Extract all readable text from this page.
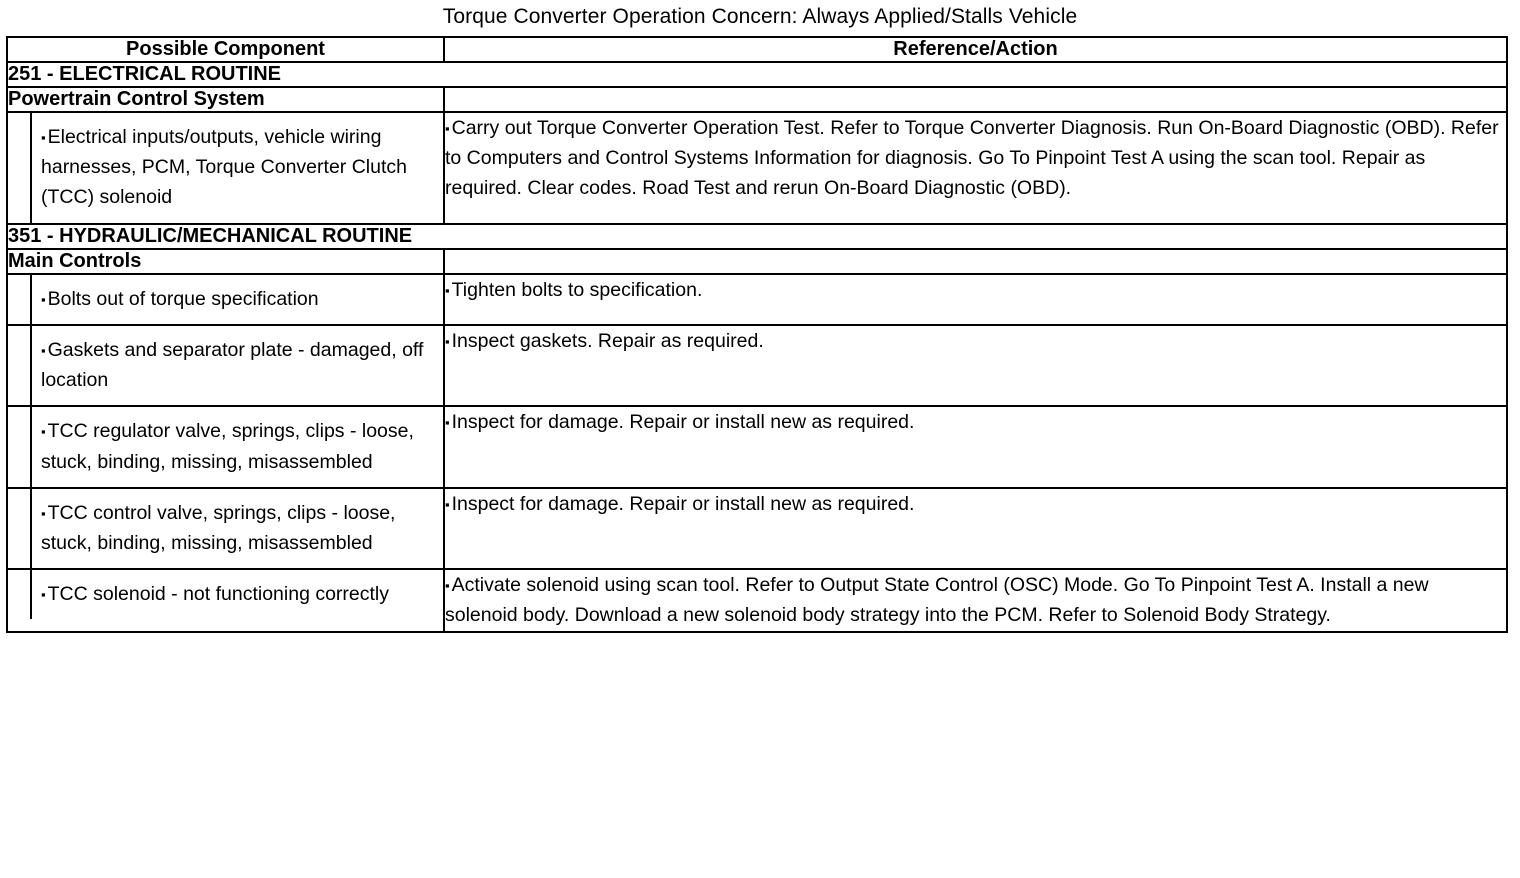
Torque Converter Operation Concern: Always Applied/Stalls Vehicle
Possible Component	Reference/Action
251 - ELECTRICAL ROUTINE	
Powertrain Control System	

▪ Electrical inputs/outputs, vehicle wiring harnesses, PCM, Torque Converter Clutch (TCC) solenoid	▪ Carry out Torque Converter Operation Test. Refer to Torque Converter Diagnosis. Run On-Board Diagnostic (OBD). Refer to Computers and Control Systems Information for diagnosis. Go To Pinpoint Test A using the scan tool. Repair as required. Clear codes. Road Test and rerun On-Board Diagnostic (OBD).
351 - HYDRAULIC/MECHANICAL ROUTINE	
Main Controls	

▪ Bolts out of torque specification	▪ Tighten bolts to specification.

▪ Gaskets and separator plate - damaged, off location	▪ Inspect gaskets. Repair as required.

▪ TCC regulator valve, springs, clips - loose, stuck, binding, missing, misassembled	▪ Inspect for damage. Repair or install new as required.

▪ TCC control valve, springs, clips - loose, stuck, binding, missing, misassembled	▪ Inspect for damage. Repair or install new as required.

▪ TCC solenoid - not functioning correctly	▪ Activate solenoid using scan tool. Refer to Output State Control (OSC) Mode. Go To Pinpoint Test A. Install a new solenoid body. Download a new solenoid body strategy into the PCM. Refer to Solenoid Body Strategy.
